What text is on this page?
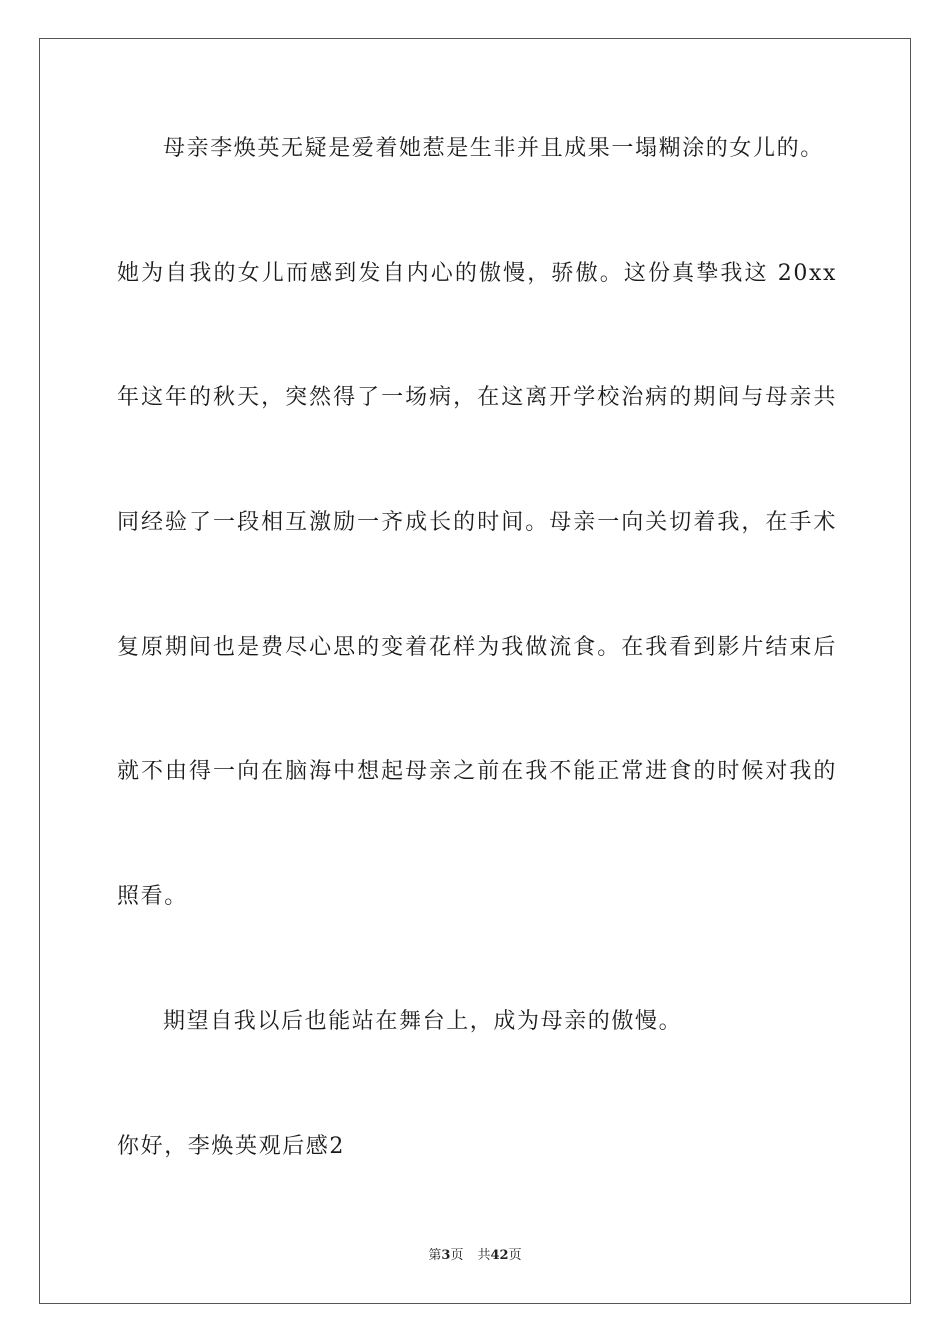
母亲李焕英无疑是爱着她惹是生非并且成果一塌糊涂的女儿的。
她为自我的女儿而感到发自内心的傲慢，骄傲。这份真挚我这 20xx
年这年的秋天，突然得了一场病，在这离开学校治病的期间与母亲共
同经验了一段相互激励一齐成长的时间。母亲一向关切着我，在手术
复原期间也是费尽心思的变着花样为我做流食。在我看到影片结束后
就不由得一向在脑海中想起母亲之前在我不能正常进食的时候对我的
照看。
期望自我以后也能站在舞台上，成为母亲的傲慢。
你好，李焕英观后感2
第3页 共42页
